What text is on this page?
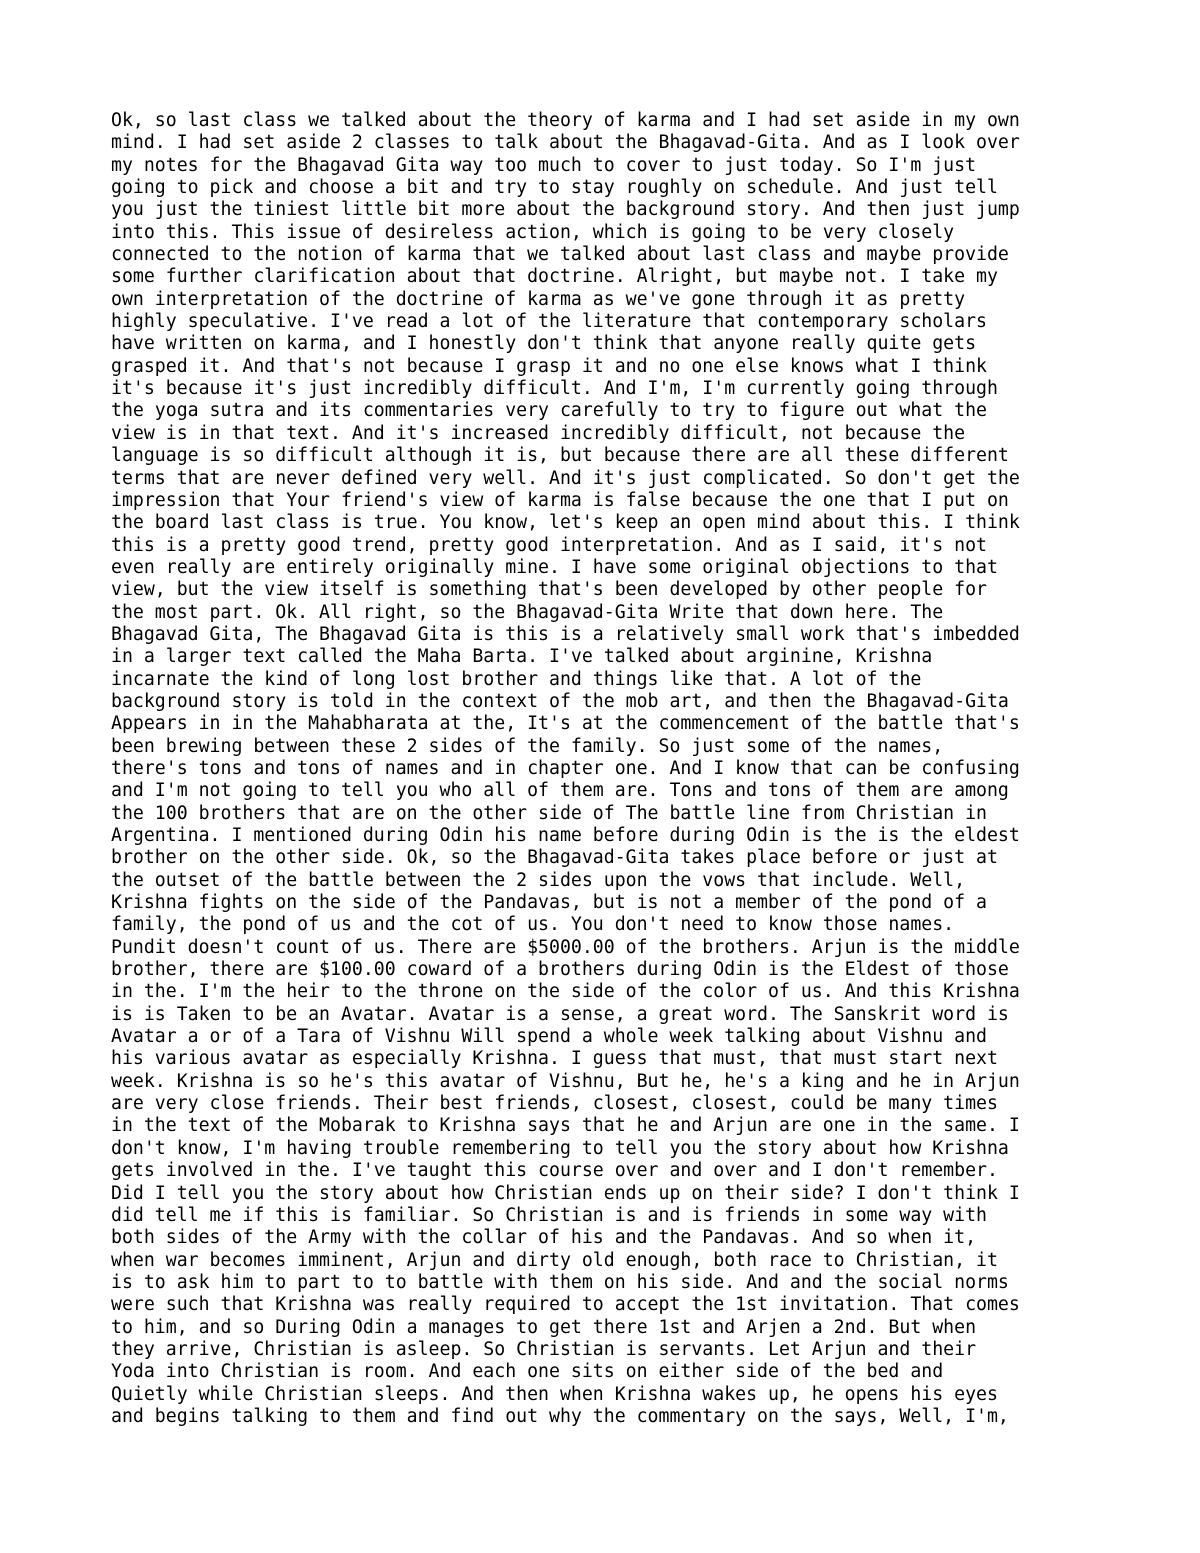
Ok, so last class we talked about the theory of karma and I had set aside in my own
mind. I had set aside 2 classes to talk about the Bhagavad-Gita. And as I look over
my notes for the Bhagavad Gita way too much to cover to just today. So I'm just
going to pick and choose a bit and try to stay roughly on schedule. And just tell
you just the tiniest little bit more about the background story. And then just jump
into this. This issue of desireless action, which is going to be very closely
connected to the notion of karma that we talked about last class and maybe provide
some further clarification about that doctrine. Alright, but maybe not. I take my
own interpretation of the doctrine of karma as we've gone through it as pretty
highly speculative. I've read a lot of the literature that contemporary scholars
have written on karma, and I honestly don't think that anyone really quite gets
grasped it. And that's not because I grasp it and no one else knows what I think
it's because it's just incredibly difficult. And I'm, I'm currently going through
the yoga sutra and its commentaries very carefully to try to figure out what the
view is in that text. And it's increased incredibly difficult, not because the
language is so difficult although it is, but because there are all these different
terms that are never defined very well. And it's just complicated. So don't get the
impression that Your friend's view of karma is false because the one that I put on
the board last class is true. You know, let's keep an open mind about this. I think
this is a pretty good trend, pretty good interpretation. And as I said, it's not
even really are entirely originally mine. I have some original objections to that
view, but the view itself is something that's been developed by other people for
the most part. Ok. All right, so the Bhagavad-Gita Write that down here. The
Bhagavad Gita, The Bhagavad Gita is this is a relatively small work that's imbedded
in a larger text called the Maha Barta. I've talked about arginine, Krishna
incarnate the kind of long lost brother and things like that. A lot of the
background story is told in the context of the mob art, and then the Bhagavad-Gita
Appears in in the Mahabharata at the, It's at the commencement of the battle that's
been brewing between these 2 sides of the family. So just some of the names,
there's tons and tons of names and in chapter one. And I know that can be confusing
and I'm not going to tell you who all of them are. Tons and tons of them are among
the 100 brothers that are on the other side of The battle line from Christian in
Argentina. I mentioned during Odin his name before during Odin is the is the eldest
brother on the other side. Ok, so the Bhagavad-Gita takes place before or just at
the outset of the battle between the 2 sides upon the vows that include. Well,
Krishna fights on the side of the Pandavas, but is not a member of the pond of a
family, the pond of us and the cot of us. You don't need to know those names.
Pundit doesn't count of us. There are $5000.00 of the brothers. Arjun is the middle
brother, there are $100.00 coward of a brothers during Odin is the Eldest of those
in the. I'm the heir to the throne on the side of the color of us. And this Krishna
is is Taken to be an Avatar. Avatar is a sense, a great word. The Sanskrit word is
Avatar a or of a Tara of Vishnu Will spend a whole week talking about Vishnu and
his various avatar as especially Krishna. I guess that must, that must start next
week. Krishna is so he's this avatar of Vishnu, But he, he's a king and he in Arjun
are very close friends. Their best friends, closest, closest, could be many times
in the text of the Mobarak to Krishna says that he and Arjun are one in the same. I
don't know, I'm having trouble remembering to tell you the story about how Krishna
gets involved in the. I've taught this course over and over and I don't remember.
Did I tell you the story about how Christian ends up on their side? I don't think I
did tell me if this is familiar. So Christian is and is friends in some way with
both sides of the Army with the collar of his and the Pandavas. And so when it,
when war becomes imminent, Arjun and dirty old enough, both race to Christian, it
is to ask him to part to to battle with them on his side. And and the social norms
were such that Krishna was really required to accept the 1st invitation. That comes
to him, and so During Odin a manages to get there 1st and Arjen a 2nd. But when
they arrive, Christian is asleep. So Christian is servants. Let Arjun and their
Yoda into Christian is room. And each one sits on either side of the bed and
Quietly while Christian sleeps. And then when Krishna wakes up, he opens his eyes
and begins talking to them and find out why the commentary on the says, Well, I'm,
